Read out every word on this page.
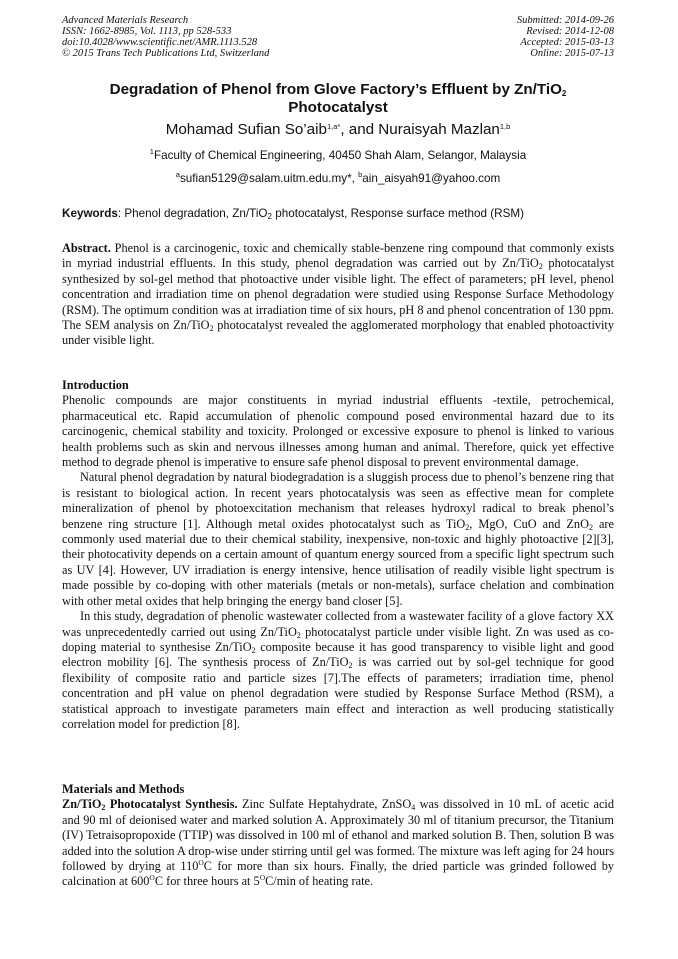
Advanced Materials Research
ISSN: 1662-8985, Vol. 1113, pp 528-533
doi:10.4028/www.scientific.net/AMR.1113.528
© 2015 Trans Tech Publications Ltd, Switzerland
Submitted: 2014-09-26
Revised: 2014-12-08
Accepted: 2015-03-13
Online: 2015-07-13
Degradation of Phenol from Glove Factory’s Effluent by Zn/TiO$_2$
Photocatalyst
Mohamad Sufian So’aib$^{1,a*}$, and Nuraisyah Mazlan$^{1,b}$
$^1$Faculty of Chemical Engineering, 40450 Shah Alam, Selangor, Malaysia
$^a$sufian5129@salam.uitm.edu.my*, $^b$ain_aisyah91@yahoo.com
Keywords: Phenol degradation, Zn/TiO$_2$ photocatalyst, Response surface method (RSM)

Abstract. Phenol is a carcinogenic, toxic and chemically stable-benzene ring compound that commonly exists in myriad industrial effluents. In this study, phenol degradation was carried out by Zn/TiO$_2$ photocatalyst synthesized by sol-gel method that photoactive under visible light. The effect of parameters; pH level, phenol concentration and irradiation time on phenol degradation were studied using Response Surface Methodology (RSM). The optimum condition was at irradiation time of six hours, pH 8 and phenol concentration of 130 ppm. The SEM analysis on Zn/TiO$_2$ photocatalyst revealed the agglomerated morphology that enabled photoactivity under visible light.

Introduction

Phenolic compounds are major constituents in myriad industrial effluents -textile, petrochemical, pharmaceutical etc. Rapid accumulation of phenolic compound posed environmental hazard due to its carcinogenic, chemical stability and toxicity. Prolonged or excessive exposure to phenol is linked to various health problems such as skin and nervous illnesses among human and animal. Therefore, quick yet effective method to degrade phenol is imperative to ensure safe phenol disposal to prevent environmental damage.

Natural phenol degradation by natural biodegradation is a sluggish process due to phenol’s benzene ring that is resistant to biological action. In recent years photocatalysis was seen as effective mean for complete mineralization of phenol by photoexcitation mechanism that releases hydroxyl radical to break phenol’s benzene ring structure [1]. Although metal oxides photocatalyst such as TiO$_2$, MgO, CuO and ZnO$_2$ are commonly used material due to their chemical stability, inexpensive, non-toxic and highly photoactive [2][3], their photocativity depends on a certain amount of quantum energy sourced from a specific light spectrum such as UV [4]. However, UV irradiation is energy intensive, hence utilisation of readily visible light spectrum is made possible by co-doping with other materials (metals or non-metals), surface chelation and combination with other metal oxides that help bringing the energy band closer [5].

In this study, degradation of phenolic wastewater collected from a wastewater facility of a glove factory XX was unprecedentedly carried out using Zn/TiO$_2$ photocatalyst particle under visible light. Zn was used as co-doping material to synthesise Zn/TiO$_2$ composite because it has good transparency to visible light and good electron mobility [6]. The synthesis process of Zn/TiO$_2$ is was carried out by sol-gel technique for good flexibility of composite ratio and particle sizes [7].The effects of parameters; irradiation time, phenol concentration and pH value on phenol degradation were studied by Response Surface Method (RSM), a statistical approach to investigate parameters main effect and interaction as well producing statistically correlation model for prediction [8].

Materials and Methods

Zn/TiO$_2$ Photocatalyst Synthesis. Zinc Sulfate Heptahydrate, ZnSO$_4$ was dissolved in 10 mL of acetic acid and 90 ml of deionised water and marked solution A. Approximately 30 ml of titanium precursor, the Titanium (IV) Tetraisopropoxide (TTIP) was dissolved in 100 ml of ethanol and marked solution B. Then, solution B was added into the solution A drop-wise under stirring until gel was formed. The mixture was left aging for 24 hours followed by drying at $110^OC$ for more than six hours. Finally, the dried particle was grinded followed by calcination at $600^OC$ for three hours at $5^OC/\min$ of heating rate.
